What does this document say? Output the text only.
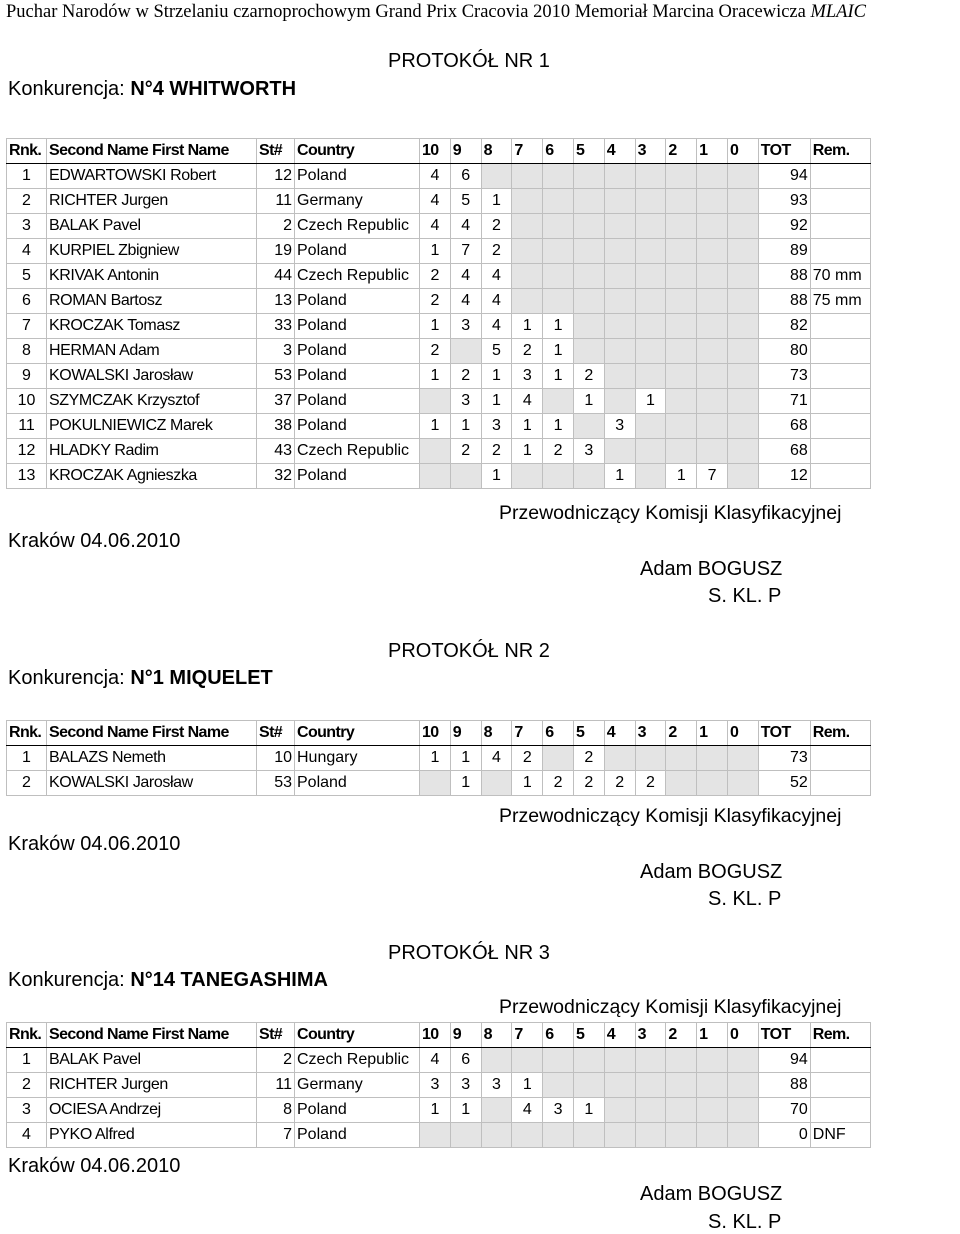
Puchar Narodów w Strzelaniu czarnoprochowym Grand Prix Cracovia 2010 Memoriał Marcina Oracewicza MLAIC
PROTOKÓŁ NR 1
Konkurencja: N°4 WHITWORTH
Rnk.	Second Name First Name	St#	Country	10	9	8	7	6	5	4	3	2	1	0	TOT	Rem.
1	EDWARTOWSKI Robert	12	Poland	4	6										94	
2	RICHTER Jurgen	11	Germany	4	5	1									93	
3	BALAK Pavel	2	Czech Republic	4	4	2									92	
4	KURPIEL Zbigniew	19	Poland	1	7	2									89	
5	KRIVAK Antonin	44	Czech Republic	2	4	4									88	70 mm
6	ROMAN Bartosz	13	Poland	2	4	4									88	75 mm
7	KROCZAK Tomasz	33	Poland	1	3	4	1	1							82	
8	HERMAN Adam	3	Poland	2		5	2	1							80	
9	KOWALSKI Jarosław	53	Poland	1	2	1	3	1	2						73	
10	SZYMCZAK Krzysztof	37	Poland		3	1	4		1		1				71	
11	POKULNIEWICZ Marek	38	Poland	1	1	3	1	1		3					68	
12	HLADKY Radim	43	Czech Republic		2	2	1	2	3						68	
13	KROCZAK Agnieszka	32	Poland			1				1		1	7		12	
Przewodniczący Komisji Klasyfikacyjnej
Kraków 04.06.2010
Adam BOGUSZ
S. KL. P
PROTOKÓŁ NR 2
Konkurencja: N°1 MIQUELET
Rnk.	Second Name First Name	St#	Country	10	9	8	7	6	5	4	3	2	1	0	TOT	Rem.
1	BALAZS Nemeth	10	Hungary	1	1	4	2		2						73	
2	KOWALSKI Jarosław	53	Poland		1		1	2	2	2	2				52	
Przewodniczący Komisji Klasyfikacyjnej
Kraków 04.06.2010
Adam BOGUSZ
S. KL. P
PROTOKÓŁ NR 3
Konkurencja: N°14 TANEGASHIMA
Przewodniczący Komisji Klasyfikacyjnej
Rnk.	Second Name First Name	St#	Country	10	9	8	7	6	5	4	3	2	1	0	TOT	Rem.
1	BALAK Pavel	2	Czech Republic	4	6										94	
2	RICHTER Jurgen	11	Germany	3	3	3	1								88	
3	OCIESA Andrzej	8	Poland	1	1		4	3	1						70	
4	PYKO Alfred	7	Poland												0	DNF
Kraków 04.06.2010
Adam BOGUSZ
S. KL. P
